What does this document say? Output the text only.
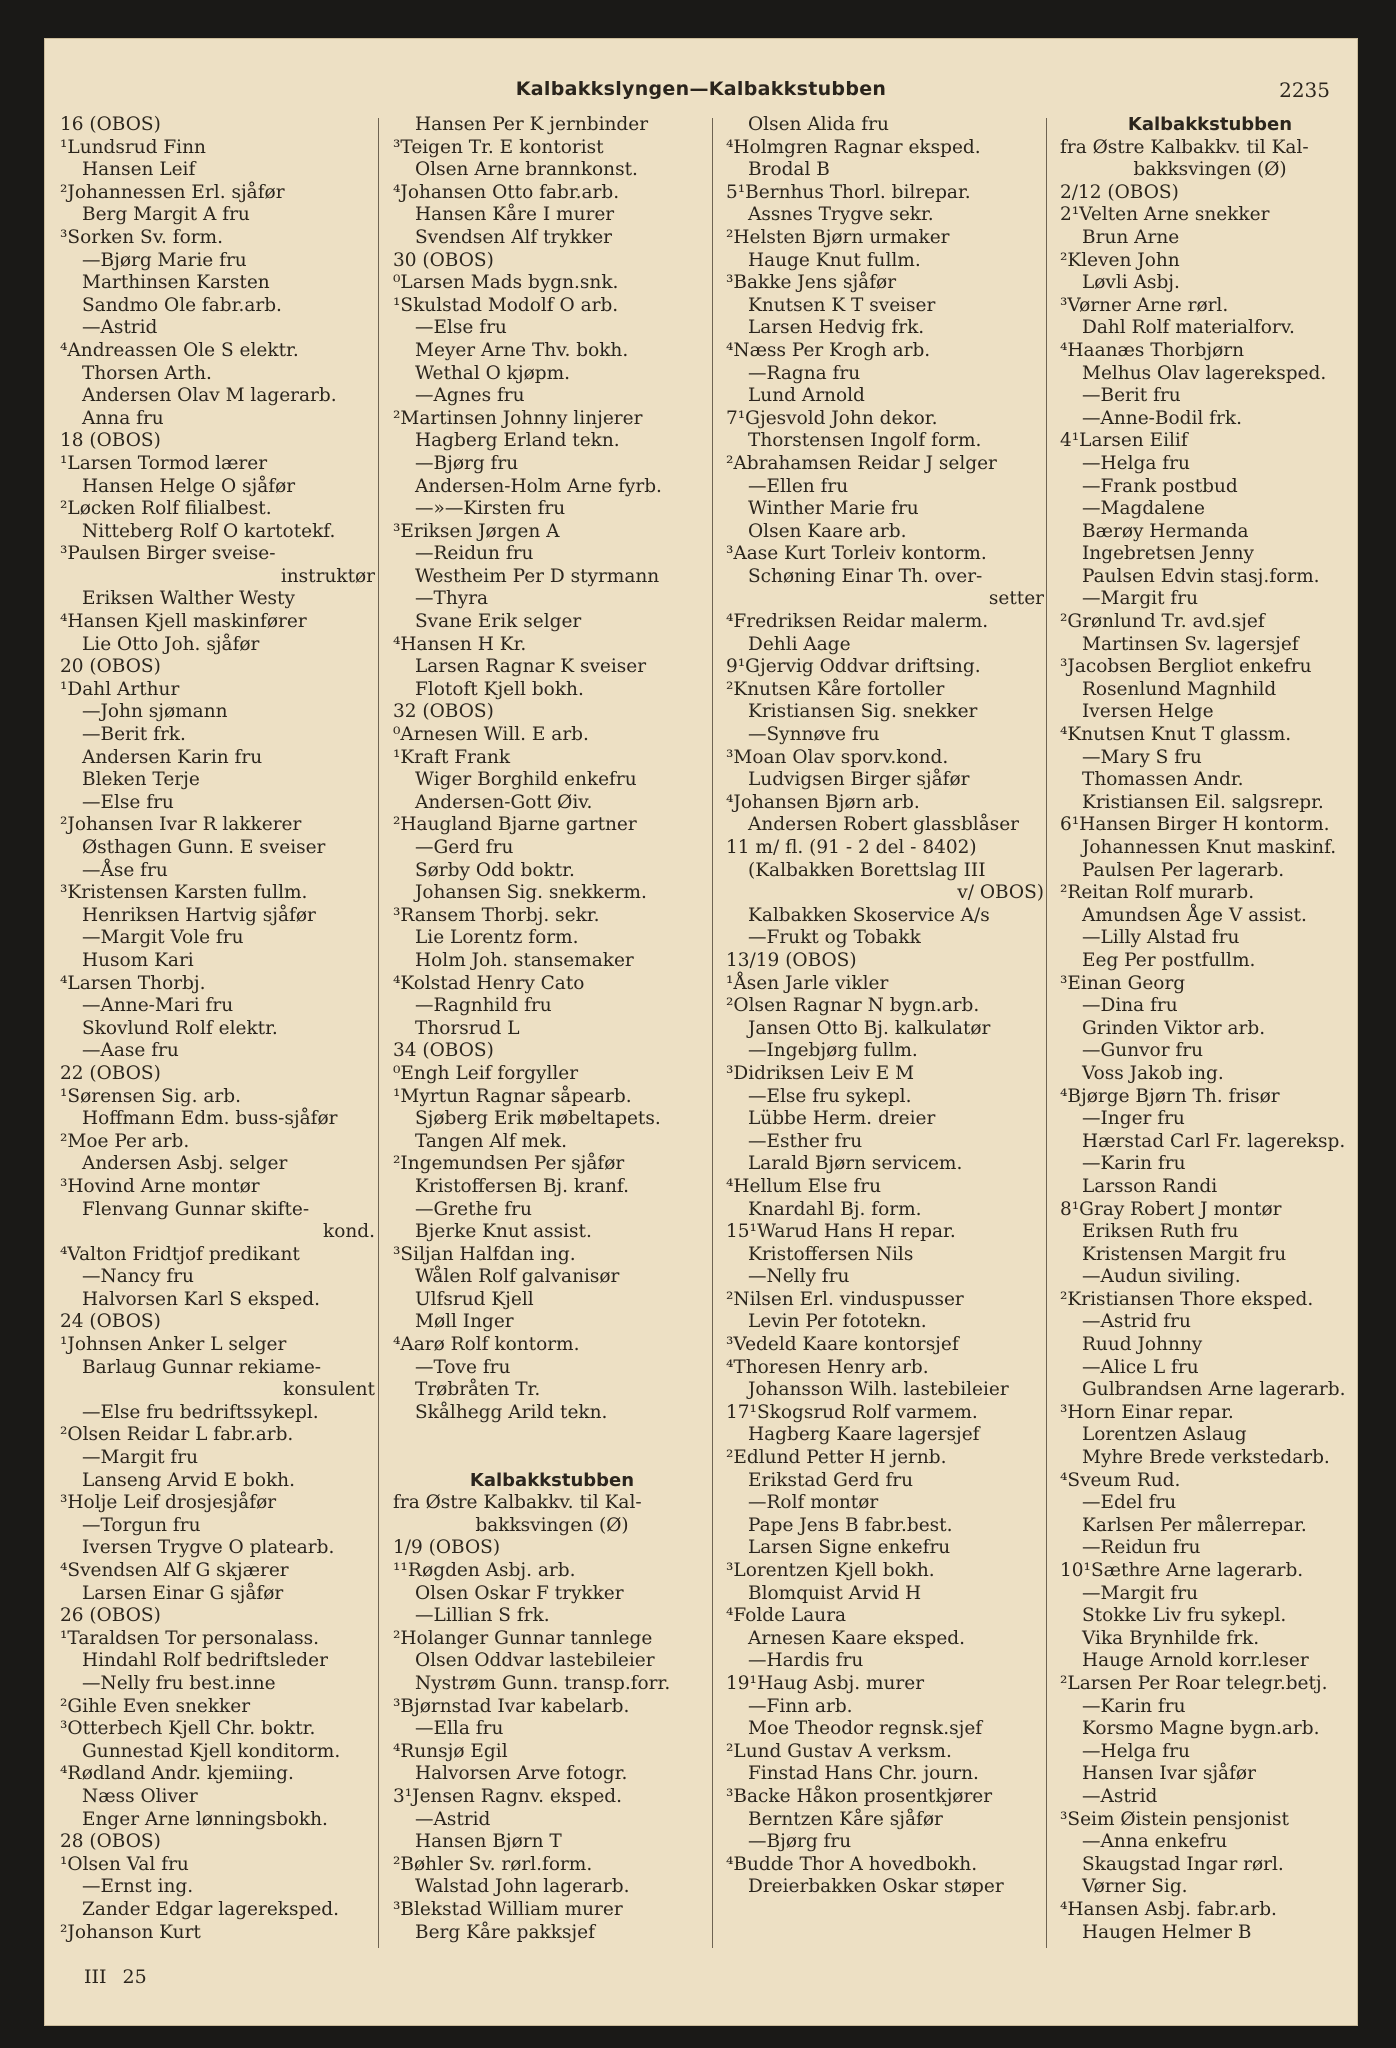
Kalbakkslyngen—Kalbakkstubben	2235
16 (OBOS)
¹Lundsrud Finn
Hansen Leif
²Johannessen Erl. sjåfør
Berg Margit A fru
³Sorken Sv. form.
—Bjørg Marie fru
Marthinsen Karsten
Sandmo Ole fabr.arb.
—Astrid
⁴Andreassen Ole S elektr.
Thorsen Arth.
Andersen Olav M lagerarb.
Anna fru
18 (OBOS)
¹Larsen Tormod lærer
Hansen Helge O sjåfør
²Løcken Rolf filialbest.
Nitteberg Rolf O kartotekf.
³Paulsen Birger sveise-
instruktør
Eriksen Walther Westy
⁴Hansen Kjell maskinfører
Lie Otto Joh. sjåfør
20 (OBOS)
¹Dahl Arthur
—John sjømann
—Berit frk.
Andersen Karin fru
Bleken Terje
—Else fru
²Johansen Ivar R lakkerer
Østhagen Gunn. E sveiser
—Åse fru
³Kristensen Karsten fullm.
Henriksen Hartvig sjåfør
—Margit Vole fru
Husom Kari
⁴Larsen Thorbj.
—Anne-Mari fru
Skovlund Rolf elektr.
—Aase fru
22 (OBOS)
¹Sørensen Sig. arb.
Hoffmann Edm. buss-sjåfør
²Moe Per arb.
Andersen Asbj. selger
³Hovind Arne montør
Flenvang Gunnar skifte-
kond.
⁴Valton Fridtjof predikant
—Nancy fru
Halvorsen Karl S eksped.
24 (OBOS)
¹Johnsen Anker L selger
Barlaug Gunnar rekiame-
konsulent
—Else fru bedriftssykepl.
²Olsen Reidar L fabr.arb.
—Margit fru
Lanseng Arvid E bokh.
³Holje Leif drosjesjåfør
—Torgun fru
Iversen Trygve O platearb.
⁴Svendsen Alf G skjærer
Larsen Einar G sjåfør
26 (OBOS)
¹Taraldsen Tor personalass.
Hindahl Rolf bedriftsleder
—Nelly fru best.inne
²Gihle Even snekker
³Otterbech Kjell Chr. boktr.
Gunnestad Kjell konditorm.
⁴Rødland Andr. kjemiing.
Næss Oliver
Enger Arne lønningsbokh.
28 (OBOS)
¹Olsen Val fru
—Ernst ing.
Zander Edgar lagereksped.
²Johanson Kurt
Hansen Per K jernbinder
³Teigen Tr. E kontorist
Olsen Arne brannkonst.
⁴Johansen Otto fabr.arb.
Hansen Kåre I murer
Svendsen Alf trykker
30 (OBOS)
⁰Larsen Mads bygn.snk.
¹Skulstad Modolf O arb.
—Else fru
Meyer Arne Thv. bokh.
Wethal O kjøpm.
—Agnes fru
²Martinsen Johnny linjerer
Hagberg Erland tekn.
—Bjørg fru
Andersen-Holm Arne fyrb.
—»—Kirsten fru
³Eriksen Jørgen A
—Reidun fru
Westheim Per D styrmann
—Thyra
Svane Erik selger
⁴Hansen H Kr.
Larsen Ragnar K sveiser
Flotoft Kjell bokh.
32 (OBOS)
⁰Arnesen Will. E arb.
¹Kraft Frank
Wiger Borghild enkefru
Andersen-Gott Øiv.
²Haugland Bjarne gartner
—Gerd fru
Sørby Odd boktr.
Johansen Sig. snekkerm.
³Ransem Thorbj. sekr.
Lie Lorentz form.
Holm Joh. stansemaker
⁴Kolstad Henry Cato
—Ragnhild fru
Thorsrud L
34 (OBOS)
⁰Engh Leif forgyller
¹Myrtun Ragnar såpearb.
Sjøberg Erik møbeltapets.
Tangen Alf mek.
²Ingemundsen Per sjåfør
Kristoffersen Bj. kranf.
—Grethe fru
Bjerke Knut assist.
³Siljan Halfdan ing.
Wålen Rolf galvanisør
Ulfsrud Kjell
Møll Inger
⁴Aarø Rolf kontorm.
—Tove fru
Trøbråten Tr.
Skålhegg Arild tekn.

Kalbakkstubben
fra Østre Kalbakkv. til Kal-
bakksvingen (Ø)
1/9 (OBOS)
¹¹Røgden Asbj. arb.
Olsen Oskar F trykker
—Lillian S frk.
²Holanger Gunnar tannlege
Olsen Oddvar lastebileier
Nystrøm Gunn. transp.forr.
³Bjørnstad Ivar kabelarb.
—Ella fru
⁴Runsjø Egil
Halvorsen Arve fotogr.
3¹Jensen Ragnv. eksped.
—Astrid
Hansen Bjørn T
²Bøhler Sv. rørl.form.
Walstad John lagerarb.
³Blekstad William murer
Berg Kåre pakksjef
Olsen Alida fru
⁴Holmgren Ragnar eksped.
Brodal B
5¹Bernhus Thorl. bilrepar.
Assnes Trygve sekr.
²Helsten Bjørn urmaker
Hauge Knut fullm.
³Bakke Jens sjåfør
Knutsen K T sveiser
Larsen Hedvig frk.
⁴Næss Per Krogh arb.
—Ragna fru
Lund Arnold
7¹Gjesvold John dekor.
Thorstensen Ingolf form.
²Abrahamsen Reidar J selger
—Ellen fru
Winther Marie fru
Olsen Kaare arb.
³Aase Kurt Torleiv kontorm.
Schøning Einar Th. over-
setter
⁴Fredriksen Reidar malerm.
Dehli Aage
9¹Gjervig Oddvar driftsing.
²Knutsen Kåre fortoller
Kristiansen Sig. snekker
—Synnøve fru
³Moan Olav sporv.kond.
Ludvigsen Birger sjåfør
⁴Johansen Bjørn arb.
Andersen Robert glassblåser
11 m/ fl. (91 - 2 del - 8402)
(Kalbakken Borettslag III
v/ OBOS)
Kalbakken Skoservice A/s
—Frukt og Tobakk
13/19 (OBOS)
¹Åsen Jarle vikler
²Olsen Ragnar N bygn.arb.
Jansen Otto Bj. kalkulatør
—Ingebjørg fullm.
³Didriksen Leiv E M
—Else fru sykepl.
Lübbe Herm. dreier
—Esther fru
Larald Bjørn servicem.
⁴Hellum Else fru
Knardahl Bj. form.
15¹Warud Hans H repar.
Kristoffersen Nils
—Nelly fru
²Nilsen Erl. vinduspusser
Levin Per fototekn.
³Vedeld Kaare kontorsjef
⁴Thoresen Henry arb.
Johansson Wilh. lastebileier
17¹Skogsrud Rolf varmem.
Hagberg Kaare lagersjef
²Edlund Petter H jernb.
Erikstad Gerd fru
—Rolf montør
Pape Jens B fabr.best.
Larsen Signe enkefru
³Lorentzen Kjell bokh.
Blomquist Arvid H
⁴Folde Laura
Arnesen Kaare eksped.
—Hardis fru
19¹Haug Asbj. murer
—Finn arb.
Moe Theodor regnsk.sjef
²Lund Gustav A verksm.
Finstad Hans Chr. journ.
³Backe Håkon prosentkjører
Berntzen Kåre sjåfør
—Bjørg fru
⁴Budde Thor A hovedbokh.
Dreierbakken Oskar støper
Kalbakkstubben
fra Østre Kalbakkv. til Kal-
bakksvingen (Ø)
2/12 (OBOS)
2¹Velten Arne snekker
Brun Arne
²Kleven John
Løvli Asbj.
³Vørner Arne rørl.
Dahl Rolf materialforv.
⁴Haanæs Thorbjørn
Melhus Olav lagereksped.
—Berit fru
—Anne-Bodil frk.
4¹Larsen Eilif
—Helga fru
—Frank postbud
—Magdalene
Bærøy Hermanda
Ingebretsen Jenny
Paulsen Edvin stasj.form.
—Margit fru
²Grønlund Tr. avd.sjef
Martinsen Sv. lagersjef
³Jacobsen Bergliot enkefru
Rosenlund Magnhild
Iversen Helge
⁴Knutsen Knut T glassm.
—Mary S fru
Thomassen Andr.
Kristiansen Eil. salgsrepr.
6¹Hansen Birger H kontorm.
Johannessen Knut maskinf.
Paulsen Per lagerarb.
²Reitan Rolf murarb.
Amundsen Åge V assist.
—Lilly Alstad fru
Eeg Per postfullm.
³Einan Georg
—Dina fru
Grinden Viktor arb.
—Gunvor fru
Voss Jakob ing.
⁴Bjørge Bjørn Th. frisør
—Inger fru
Hærstad Carl Fr. lagereksp.
—Karin fru
Larsson Randi
8¹Gray Robert J montør
Eriksen Ruth fru
Kristensen Margit fru
—Audun siviling.
²Kristiansen Thore eksped.
—Astrid fru
Ruud Johnny
—Alice L fru
Gulbrandsen Arne lagerarb.
³Horn Einar repar.
Lorentzen Aslaug
Myhre Brede verkstedarb.
⁴Sveum Rud.
—Edel fru
Karlsen Per målerrepar.
—Reidun fru
10¹Sæthre Arne lagerarb.
—Margit fru
Stokke Liv fru sykepl.
Vika Brynhilde frk.
Hauge Arnold korr.leser
²Larsen Per Roar telegr.betj.
—Karin fru
Korsmo Magne bygn.arb.
—Helga fru
Hansen Ivar sjåfør
—Astrid
³Seim Øistein pensjonist
—Anna enkefru
Skaugstad Ingar rørl.
Vørner Sig.
⁴Hansen Asbj. fabr.arb.
Haugen Helmer B
III 25
